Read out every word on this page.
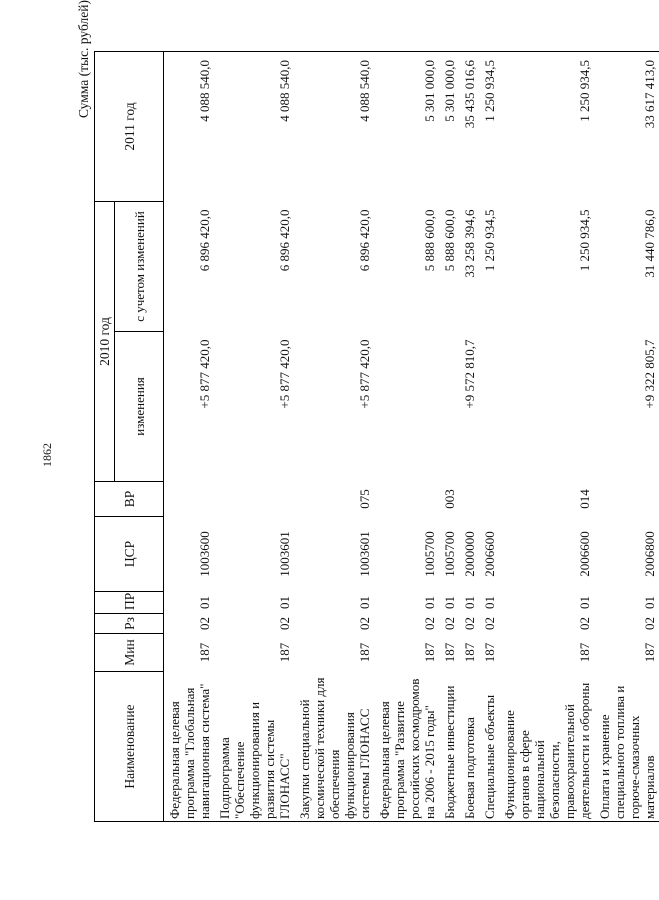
1862
Сумма (тыс. рублей)
Наименование	Мин	Рз	ПР	ЦСР	ВР	2010 год		2011 год
						изменения	с учетом изменений	
Федеральная целевая программа "Глобальная навигационная система"	187	02	01	1003600		+5 877 420,0	6 896 420,0	4 088 540,0
Подпрограмма "Обеспечение функционирования и развития системы ГЛОНАСС"	187	02	01	1003601		+5 877 420,0	6 896 420,0	4 088 540,0
Закупки специальной космической техники для обеспечения функционирования системы ГЛОНАСС	187	02	01	1003601	075	+5 877 420,0	6 896 420,0	4 088 540,0
Федеральная целевая программа "Развитие российских космодромов на 2006 - 2015 годы"	187	02	01	1005700			5 888 600,0	5 301 000,0
Бюджетные инвестиции	187	02	01	1005700	003		5 888 600,0	5 301 000,0
Боевая подготовка	187	02	01	2000000		+9 572 810,7	33 258 394,6	35 435 016,6
Специальные объекты	187	02	01	2006600			1 250 934,5	1 250 934,5
Функционирование органов в сфере национальной безопасности, правоохранительной деятельности и обороны	187	02	01	2006600	014		1 250 934,5	1 250 934,5
Оплата и хранение специального топлива и горюче-смазочных материалов	187	02	01	2006800		+9 322 805,7	31 440 786,0	33 617 413,0
